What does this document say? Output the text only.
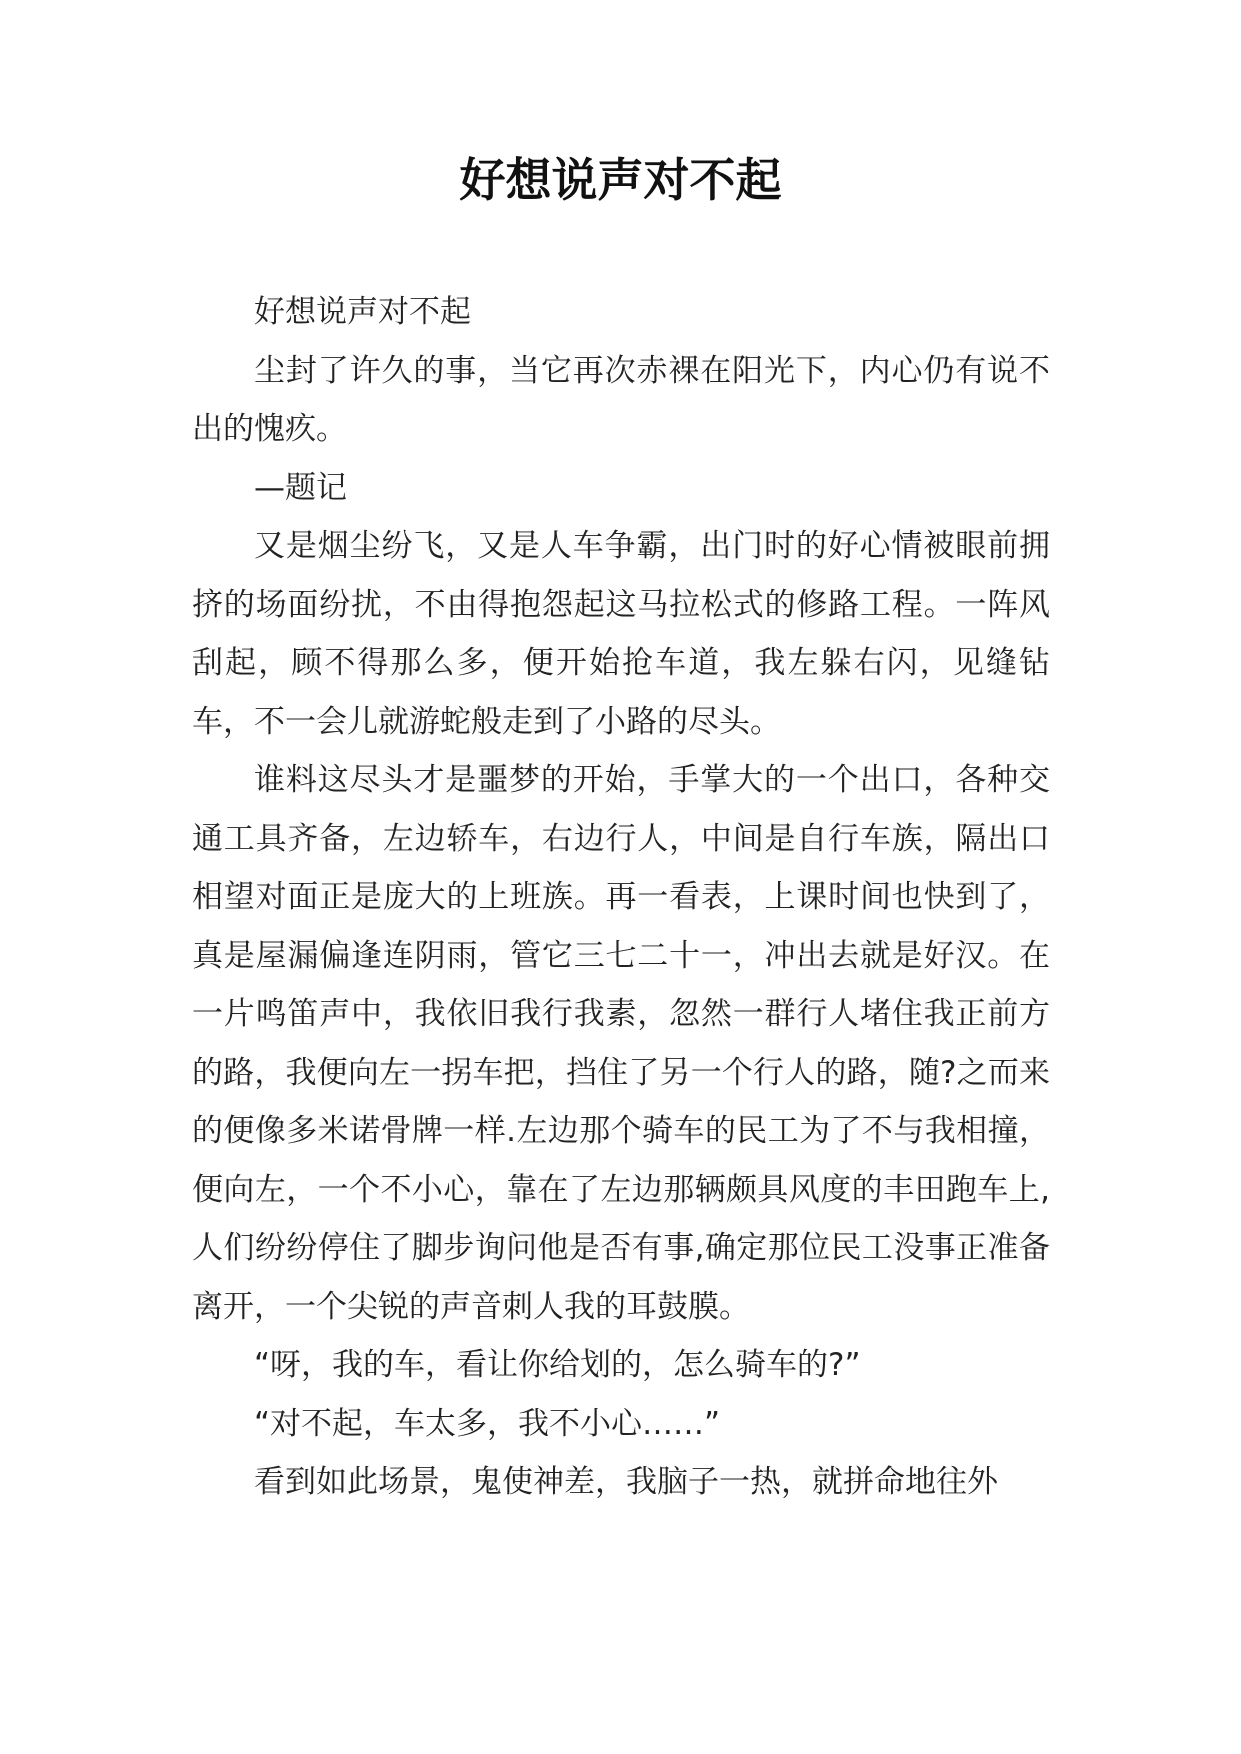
好想说声对不起

好想说声对不起

尘封了许久的事，当它再次赤裸在阳光下，内心仍有说不出的愧疚。

—题记

又是烟尘纷飞，又是人车争霸，出门时的好心情被眼前拥挤的场面纷扰，不由得抱怨起这马拉松式的修路工程。一阵风刮起，顾不得那么多，便开始抢车道，我左躲右闪，见缝钻车，不一会儿就游蛇般走到了小路的尽头。

谁料这尽头才是噩梦的开始，手掌大的一个出口，各种交通工具齐备，左边轿车，右边行人，中间是自行车族，隔出口相望对面正是庞大的上班族。再一看表，上课时间也快到了，真是屋漏偏逢连阴雨，管它三七二十一，冲出去就是好汉。在一片鸣笛声中，我依旧我行我素，忽然一群行人堵住我正前方的路，我便向左一拐车把，挡住了另一个行人的路，随?之而来的便像多米诺骨牌一样.左边那个骑车的民工为了不与我相撞，便向左，一个不小心，靠在了左边那辆颇具风度的丰田跑车上,人们纷纷停住了脚步询问他是否有事,确定那位民工没事正准备离开，一个尖锐的声音刺人我的耳鼓膜。

“呀，我的车，看让你给划的，怎么骑车的?”

“对不起，车太多，我不小心……”

看到如此场景，鬼使神差，我脑子一热，就拼命地往外
